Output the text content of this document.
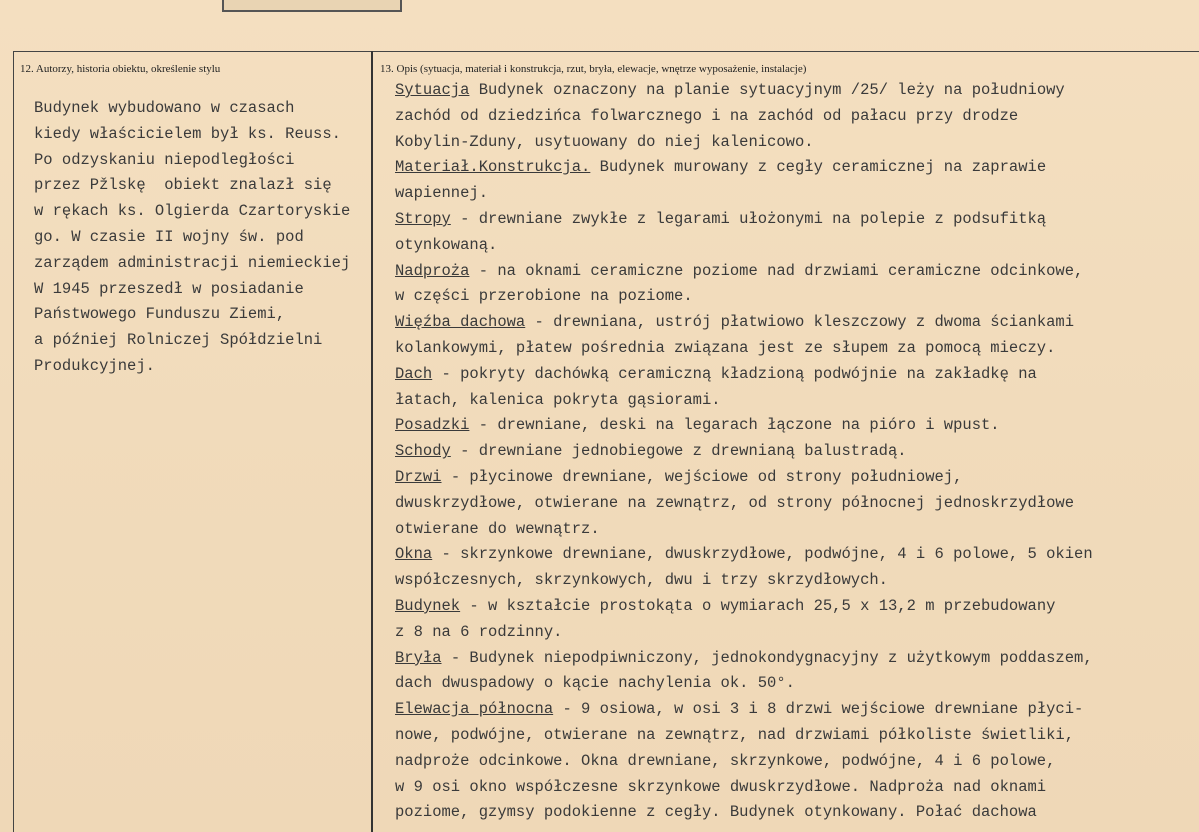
12. Autorzy, historia obiektu, określenie stylu	13. Opis (sytuacja, materiał i konstrukcja, rzut, bryła, elewacje, wnętrze wyposażenie, instalacje)
Budynek wybudowano w czasach
kiedy właścicielem był ks. Reuss.
Po odzyskaniu niepodległości
przez Pžlskę  obiekt znalazł się
w rękach ks. Olgierda Czartoryskie
go. W czasie II wojny św. pod
zarządem administracji niemieckiej
W 1945 przeszedł w posiadanie
Państwowego Funduszu Ziemi,
a później Rolniczej Spółdzielni
Produkcyjnej.
Sytuacja Budynek oznaczony na planie sytuacyjnym /25/ leży na południowy
zachód od dziedzińca folwarcznego i na zachód od pałacu przy drodze
Kobylin-Zduny, usytuowany do niej kalenicowo.
Materiał.Konstrukcja. Budynek murowany z cegły ceramicznej na zaprawie
wapiennej.
Stropy - drewniane zwykłe z legarami ułożonymi na polepie z podsufitką
otynkowaną.
Nadproża - na oknami ceramiczne poziome nad drzwiami ceramiczne odcinkowe,
w części przerobione na poziome.
Więźba dachowa - drewniana, ustrój płatwiowo kleszczowy z dwoma ściankami
kolankowymi, płatew pośrednia związana jest ze słupem za pomocą mieczy.
Dach - pokryty dachówką ceramiczną kładzioną podwójnie na zakładkę na
łatach, kalenica pokryta gąsiorami.
Posadzki - drewniane, deski na legarach łączone na pióro i wpust.
Schody - drewniane jednobiegowe z drewnianą balustradą.
Drzwi - płycinowe drewniane, wejściowe od strony południowej,
dwuskrzydłowe, otwierane na zewnątrz, od strony północnej jednoskrzydłowe
otwierane do wewnątrz.
Okna - skrzynkowe drewniane, dwuskrzydłowe, podwójne, 4 i 6 polowe, 5 okien
współczesnych, skrzynkowych, dwu i trzy skrzydłowych.
Budynek - w kształcie prostokąta o wymiarach 25,5 x 13,2 m przebudowany
z 8 na 6 rodzinny.
Bryła - Budynek niepodpiwniczony, jednokondygnacyjny z użytkowym poddaszem,
dach dwuspadowy o kącie nachylenia ok. 50°.
Elewacja północna - 9 osiowa, w osi 3 i 8 drzwi wejściowe drewniane płyci-
nowe, podwójne, otwierane na zewnątrz, nad drzwiami półkoliste świetliki,
nadproże odcinkowe. Okna drewniane, skrzynkowe, podwójne, 4 i 6 polowe,
w 9 osi okno współczesne skrzynkowe dwuskrzydłowe. Nadproża nad oknami
poziome, gzymsy podokienne z cegły. Budynek otynkowany. Połać dachowa
